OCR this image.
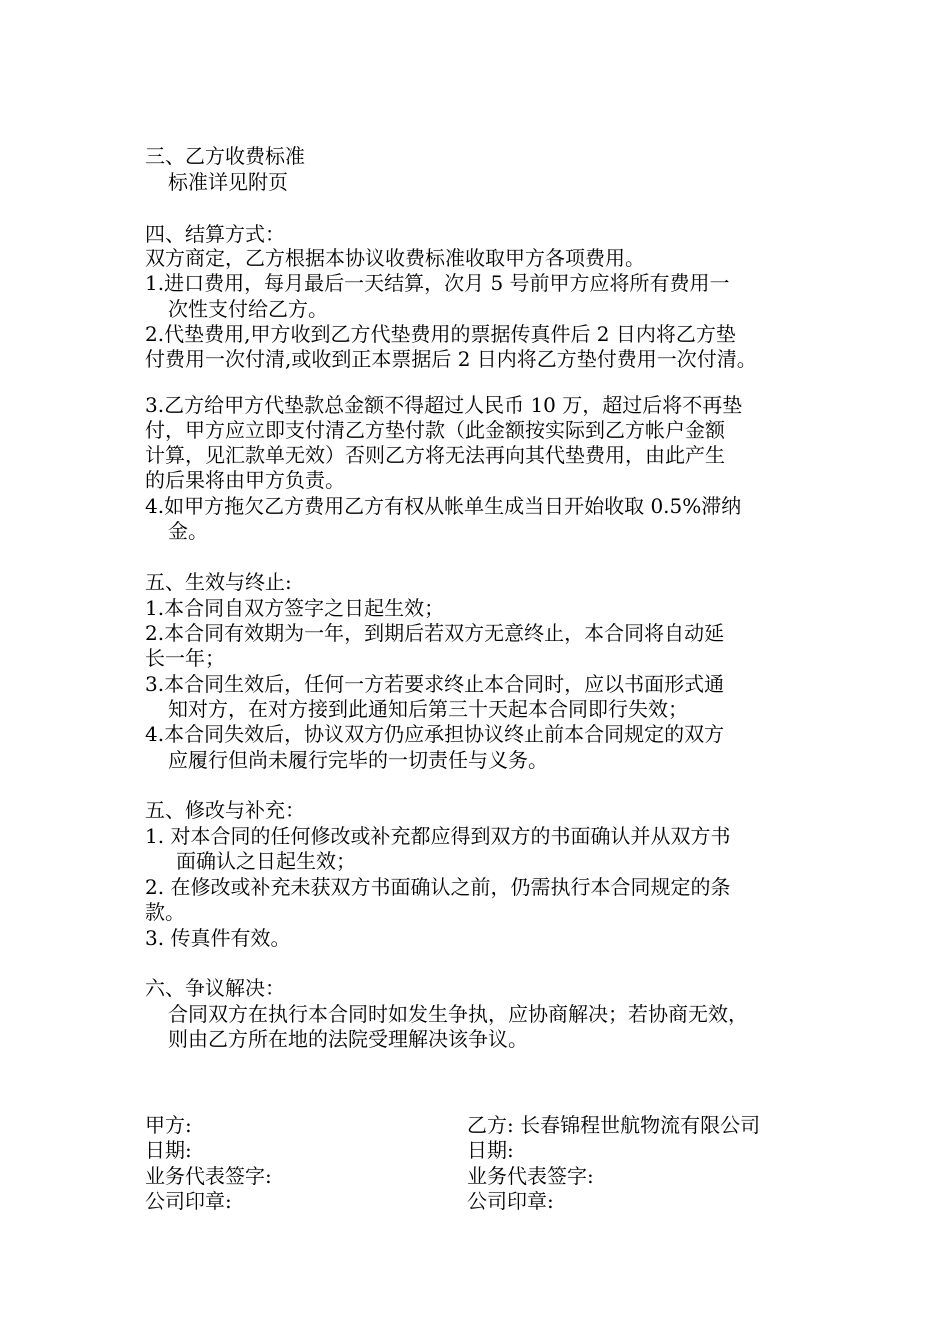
三、乙方收费标准
标准详见附页
四、结算方式：
双方商定，乙方根据本协议收费标准收取甲方各项费用。
1.进口费用，每月最后一天结算，次月 5 号前甲方应将所有费用一
次性支付给乙方。
2.代垫费用,甲方收到乙方代垫费用的票据传真件后 2 日内将乙方垫
付费用一次付清,或收到正本票据后 2 日内将乙方垫付费用一次付清。
3.乙方给甲方代垫款总金额不得超过人民币 10 万，超过后将不再垫
付，甲方应立即支付清乙方垫付款（此金额按实际到乙方帐户金额
计算，见汇款单无效）否则乙方将无法再向其代垫费用，由此产生
的后果将由甲方负责。
4.如甲方拖欠乙方费用乙方有权从帐单生成当日开始收取 0.5%滞纳
金。
五、生效与终止:
1.本合同自双方签字之日起生效；
2.本合同有效期为一年，到期后若双方无意终止，本合同将自动延
长一年；
3.本合同生效后，任何一方若要求终止本合同时，应以书面形式通
知对方，在对方接到此通知后第三十天起本合同即行失效；
4.本合同失效后，协议双方仍应承担协议终止前本合同规定的双方
应履行但尚未履行完毕的一切责任与义务。
五、修改与补充：
1. 对本合同的任何修改或补充都应得到双方的书面确认并从双方书
面确认之日起生效；
2. 在修改或补充未获双方书面确认之前，仍需执行本合同规定的条
款。
3. 传真件有效。
六、争议解决：
合同双方在执行本合同时如发生争执，应协商解决；若协商无效，
则由乙方所在地的法院受理解决该争议。
甲方:
日期:
业务代表签字:
公司印章:
乙方: 长春锦程世航物流有限公司
日期:
业务代表签字:
公司印章:
